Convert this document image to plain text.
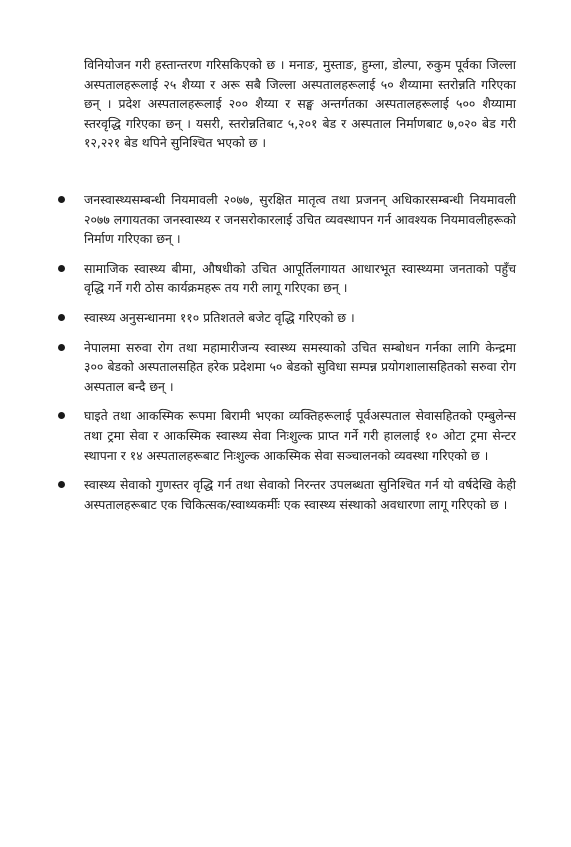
विनियोजन गरी हस्तान्तरण गरिसकिएको छ । मनाङ, मुस्ताङ, हुम्ला, डोल्पा, रुकुम पूर्वका जिल्ला अस्पतालहरूलाई २५ शैय्या र अरू सबै जिल्ला अस्पतालहरूलाई ५० शैय्यामा स्तरोन्नति गरिएका छन् । प्रदेश अस्पतालहरूलाई २०० शैय्या र सङ्घ अन्तर्गतका अस्पतालहरूलाई ५०० शैय्यामा स्तरवृद्धि गरिएका छन् । यसरी, स्तरोन्नतिबाट ५,२०१ बेड र अस्पताल निर्माणबाट ७,०२० बेड गरी १२,२२१ बेड थपिने सुनिश्चित भएको छ ।

जनस्वास्थ्यसम्बन्धी नियमावली २०७७, सुरक्षित मातृत्व तथा प्रजनन् अधिकारसम्बन्धी नियमावली २०७७ लगायतका जनस्वास्थ्य र जनसरोकारलाई उचित व्यवस्थापन गर्न आवश्यक नियमावलीहरूको निर्माण गरिएका छन् ।
सामाजिक स्वास्थ्य बीमा, औषधीको उचित आपूर्तिलगायत आधारभूत स्वास्थ्यमा जनताको पहुँच वृद्धि गर्ने गरी ठोस कार्यक्रमहरू तय गरी लागू गरिएका छन् ।
स्वास्थ्य अनुसन्धानमा ११० प्रतिशतले बजेट वृद्धि गरिएको छ ।
नेपालमा सरुवा रोग तथा महामारीजन्य स्वास्थ्य समस्याको उचित सम्बोधन गर्नका लागि केन्द्रमा ३०० बेडको अस्पतालसहित हरेक प्रदेशमा ५० बेडको सुविधा सम्पन्न प्रयोगशालासहितको सरुवा रोग अस्पताल बन्दै छन् ।
घाइते तथा आकस्मिक रूपमा बिरामी भएका व्यक्तिहरूलाई पूर्वअस्पताल सेवासहितको एम्बुलेन्स तथा ट्रमा सेवा र आकस्मिक स्वास्थ्य सेवा निःशुल्क प्राप्त गर्ने गरी हाललाई १० ओटा ट्रमा सेन्टर स्थापना र १४ अस्पतालहरूबाट निःशुल्क आकस्मिक सेवा सञ्चालनको व्यवस्था गरिएको छ ।
स्वास्थ्य सेवाको गुणस्तर वृद्धि गर्न तथा सेवाको निरन्तर उपलब्धता सुनिश्चित गर्न यो वर्षदेखि केही अस्पतालहरूबाट एक चिकित्सक/स्वाथ्यकर्मीः एक स्वास्थ्य संस्थाको अवधारणा लागू गरिएको छ ।
